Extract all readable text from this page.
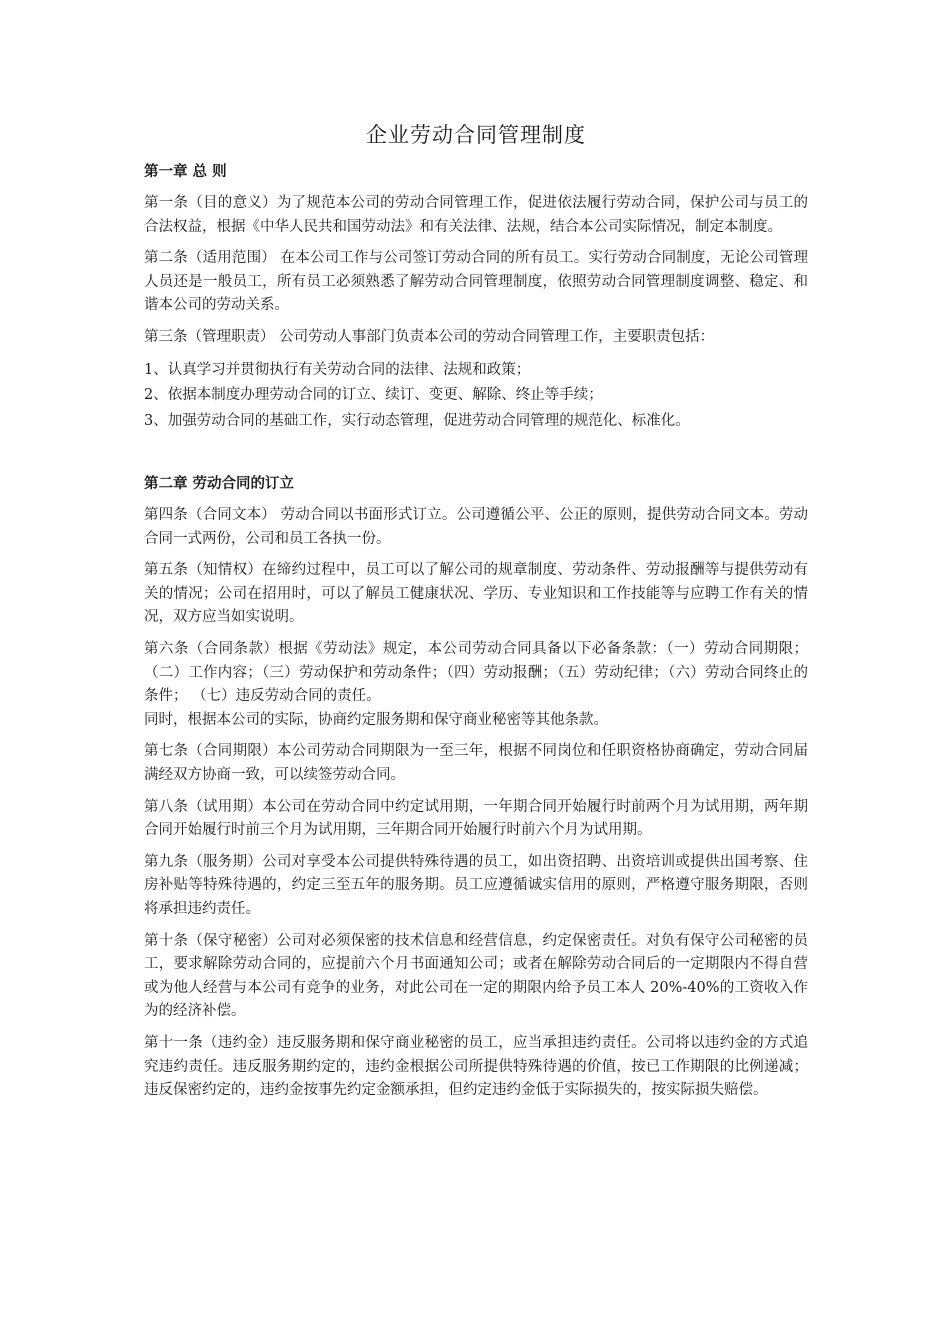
企业劳动合同管理制度
第一章 总 则

第一条（目的意义）为了规范本公司的劳动合同管理工作，促进依法履行劳动合同，保护公司与员工的合法权益，根据《中华人民共和国劳动法》和有关法律、法规，结合本公司实际情况，制定本制度。

第二条（适用范围） 在本公司工作与公司签订劳动合同的所有员工。实行劳动合同制度，无论公司管理人员还是一般员工，所有员工必须熟悉了解劳动合同管理制度，依照劳动合同管理制度调整、稳定、和谐本公司的劳动关系。

第三条（管理职责） 公司劳动人事部门负责本公司的劳动合同管理工作，主要职责包括：

1、认真学习并贯彻执行有关劳动合同的法律、法规和政策；

2、依据本制度办理劳动合同的订立、续订、变更、解除、终止等手续；

3、加强劳动合同的基础工作，实行动态管理，促进劳动合同管理的规范化、标准化。

第二章 劳动合同的订立

第四条（合同文本） 劳动合同以书面形式订立。公司遵循公平、公正的原则，提供劳动合同文本。劳动合同一式两份，公司和员工各执一份。

第五条（知情权）在缔约过程中，员工可以了解公司的规章制度、劳动条件、劳动报酬等与提供劳动有关的情况；公司在招用时，可以了解员工健康状况、学历、专业知识和工作技能等与应聘工作有关的情况，双方应当如实说明。

第六条（合同条款）根据《劳动法》规定，本公司劳动合同具备以下必备条款：（一）劳动合同期限；（二）工作内容；（三）劳动保护和劳动条件；（四）劳动报酬；（五）劳动纪律；（六）劳动合同终止的条件； （七）违反劳动合同的责任。

同时，根据本公司的实际，协商约定服务期和保守商业秘密等其他条款。

第七条（合同期限）本公司劳动合同期限为一至三年，根据不同岗位和任职资格协商确定，劳动合同届满经双方协商一致，可以续签劳动合同。

第八条（试用期）本公司在劳动合同中约定试用期，一年期合同开始履行时前两个月为试用期，两年期合同开始履行时前三个月为试用期，三年期合同开始履行时前六个月为试用期。

第九条（服务期）公司对享受本公司提供特殊待遇的员工，如出资招聘、出资培训或提供出国考察、住房补贴等特殊待遇的，约定三至五年的服务期。员工应遵循诚实信用的原则，严格遵守服务期限，否则将承担违约责任。

第十条（保守秘密）公司对必须保密的技术信息和经营信息，约定保密责任。对负有保守公司秘密的员工，要求解除劳动合同的，应提前六个月书面通知公司；或者在解除劳动合同后的一定期限内不得自营或为他人经营与本公司有竞争的业务，对此公司在一定的期限内给予员工本人 20%-40%的工资收入作为的经济补偿。

第十一条（违约金）违反服务期和保守商业秘密的员工，应当承担违约责任。公司将以违约金的方式追究违约责任。违反服务期约定的，违约金根据公司所提供特殊待遇的价值，按已工作期限的比例递减；违反保密约定的，违约金按事先约定金额承担，但约定违约金低于实际损失的，按实际损失赔偿。
